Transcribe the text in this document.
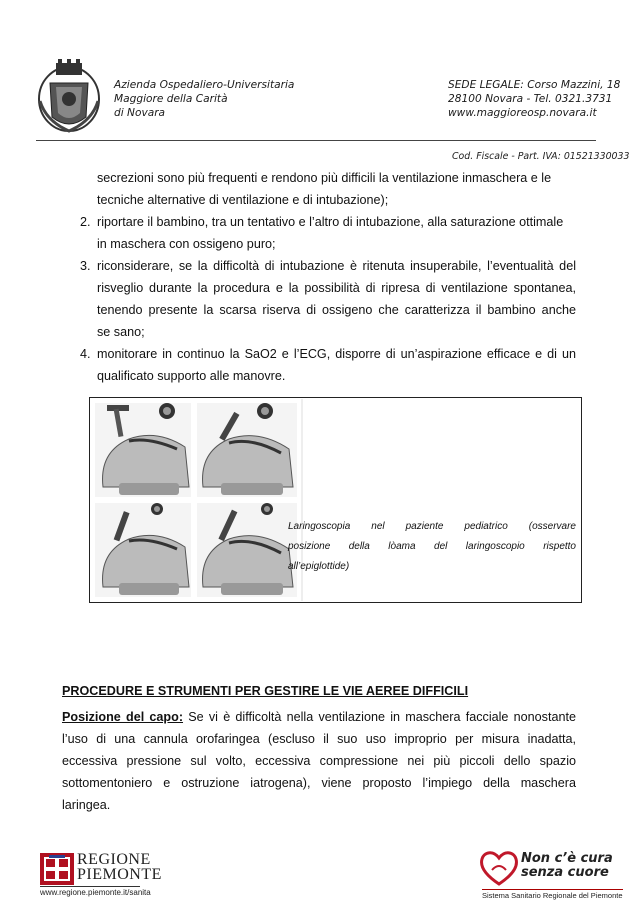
Azienda Ospedaliero-Universitaria
Maggiore della Carità
di Novara
SEDE LEGALE: Corso Mazzini, 18
28100 Novara - Tel. 0321.3731
www.maggioreosp.novara.it
Cod. Fiscale - Part. IVA: 01521330033
secrezioni sono più frequenti e rendono più difficili la ventilazione inmaschera e le
tecniche alternative di ventilazione e di intubazione);
2. riportare il bambino, tra un tentativo e l’altro di intubazione, alla saturazione ottimale
in maschera con ossigeno puro;
3. riconsiderare, se la difficoltà di intubazione è ritenuta insuperabile, l’eventualità del
risveglio durante la procedura e la possibilità di ripresa di ventilazione spontanea,
tenendo presente la scarsa riserva di ossigeno che caratterizza il bambino anche
se sano;
4. monitorare in continuo la SaO2 e l’ECG, disporre di un’aspirazione efficace e di un
qualificato supporto alle manovre.
Laringoscopia nel paziente pediatrico (osservare
posizione della lòama del laringoscopio rispetto
all’epiglottide)
PROCEDURE E STRUMENTI PER GESTIRE LE VIE AEREE DIFFICILI
Posizione del capo: Se vi è difficoltà nella ventilazione in maschera facciale nonostante
l’uso di una cannula orofaringea (escluso il suo uso improprio per misura inadatta,
eccessiva pressione sul volto, eccessiva compressione nei più piccoli dello spazio
sottomentoniero e ostruzione iatrogena), viene proposto l’impiego della maschera
laringea.
REGIONE
PIEMONTE
www.regione.piemonte.it/sanita
Non c’è cura
senza cuore
Sistema Sanitario Regionale del Piemonte
